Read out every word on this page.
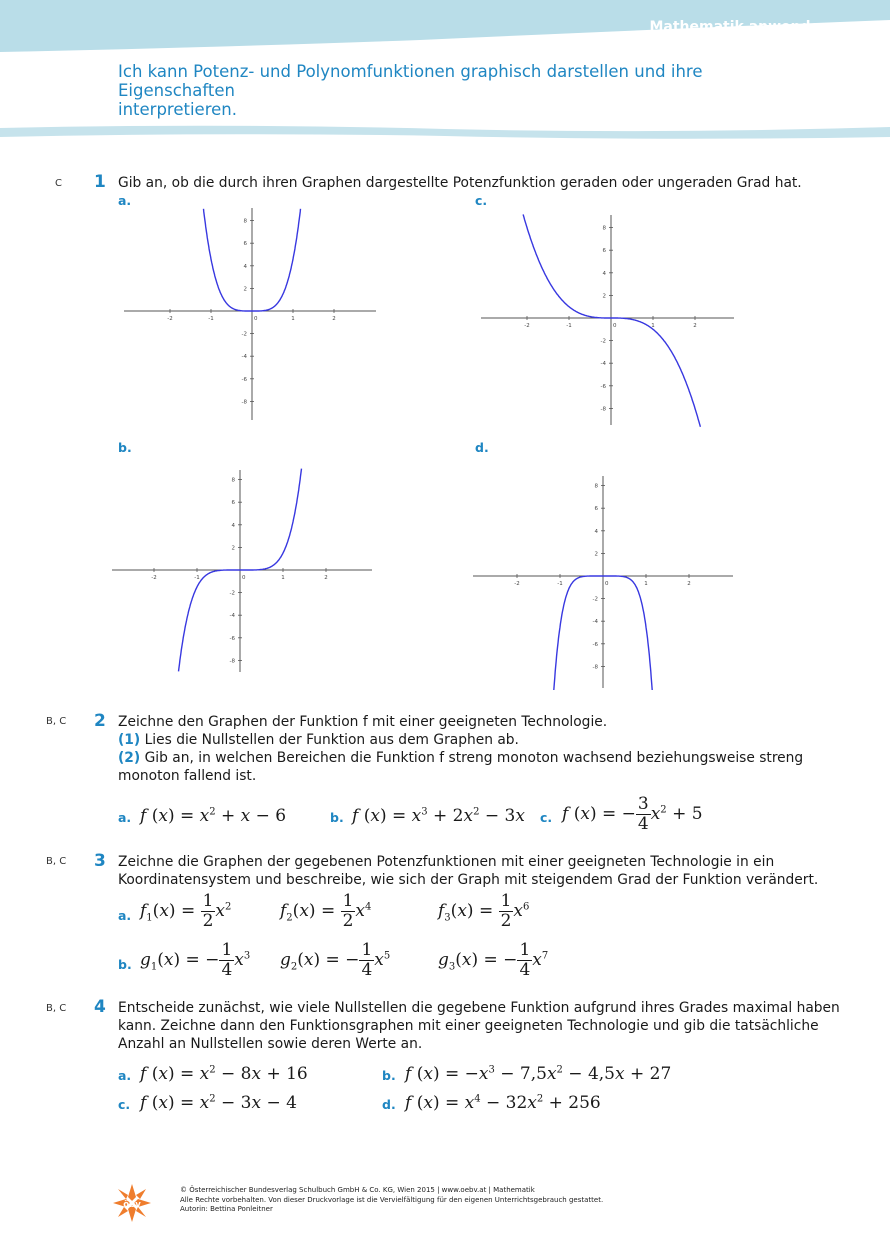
Mathematik anwenden
Ich kann Potenz- und Polynomfunktionen graphisch darstellen und ihre Eigenschaften
interpretieren.
C 1 Gib an, ob die durch ihren Graphen dargestellte Potenzfunktion geraden oder ungeraden Grad hat.
a.	c.
b.	d.
-2	-1	0	1	2
8
6
4
2
-2
-4
-6
-8
-2	-1	0	1	2
8
6
4
2
-2
-4
-6
-8
-2	-1	0	1	2
8
6
4
2
-2
-4
-6
-8
-2	-1	0	1	2
8
6
4
2
-2
-4
-6
-8
B, C 2 Zeichne den Graphen der Funktion f mit einer geeigneten Technologie.
(1) Lies die Nullstellen der Funktion aus dem Graphen ab.
(2) Gib an, in welchen Bereichen die Funktion f streng monoton wachsend beziehungsweise streng
monoton fallend ist.
a. f $(x) = x^2 + x - 6$	b. f $(x) = x^3 + 2x^2 - 3x$ c. f (x) = − $\frac{3}{4} x^2 + 5$
B, C 3 Zeichne die Graphen der gegebenen Potenzfunktionen mit einer geeigneten Technologie in ein
Koordinatensystem und beschreibe, wie sich der Graph mit steigendem Grad der Funktion verändert.
a. $f_1(x) = \frac{1}{2} x^2$	$f_2(x) = \frac{1}{2} x^4$	$f_3(x) = \frac{1}{2} x^6$
b. $g_1(x)$ = − $\frac{1}{4} x^3$ $g_2(x)$ = − $\frac{1}{4} x^5$	$g_3(x)$ = − $\frac{1}{4} x^7$
B, C 4 Entscheide zunächst, wie viele Nullstellen die gegebene Funktion aufgrund ihres Grades maximal haben
kann. Zeichne dann den Funktionsgraphen mit einer geeigneten Technologie und gib die tatsächliche
Anzahl an Nullstellen sowie deren Werte an.
a. f $(x) = x^2 - 8x + 16$	b. f $(x) = -x^3 - 7,5x^2 - 4,5x + 27$
c. f $(x) = x^2 - 3x - 4$	d. f $(x) = x^4 - 32x^2 + 256$
öbv
© Österreichischer Bundesverlag Schulbuch GmbH & Co. KG, Wien 2015 | www.oebv.at | Mathematik
Alle Rechte vorbehalten. Von dieser Druckvorlage ist die Vervielfältigung für den eigenen Unterrichtsgebrauch gestattet.
Autorin: Bettina Ponleitner
